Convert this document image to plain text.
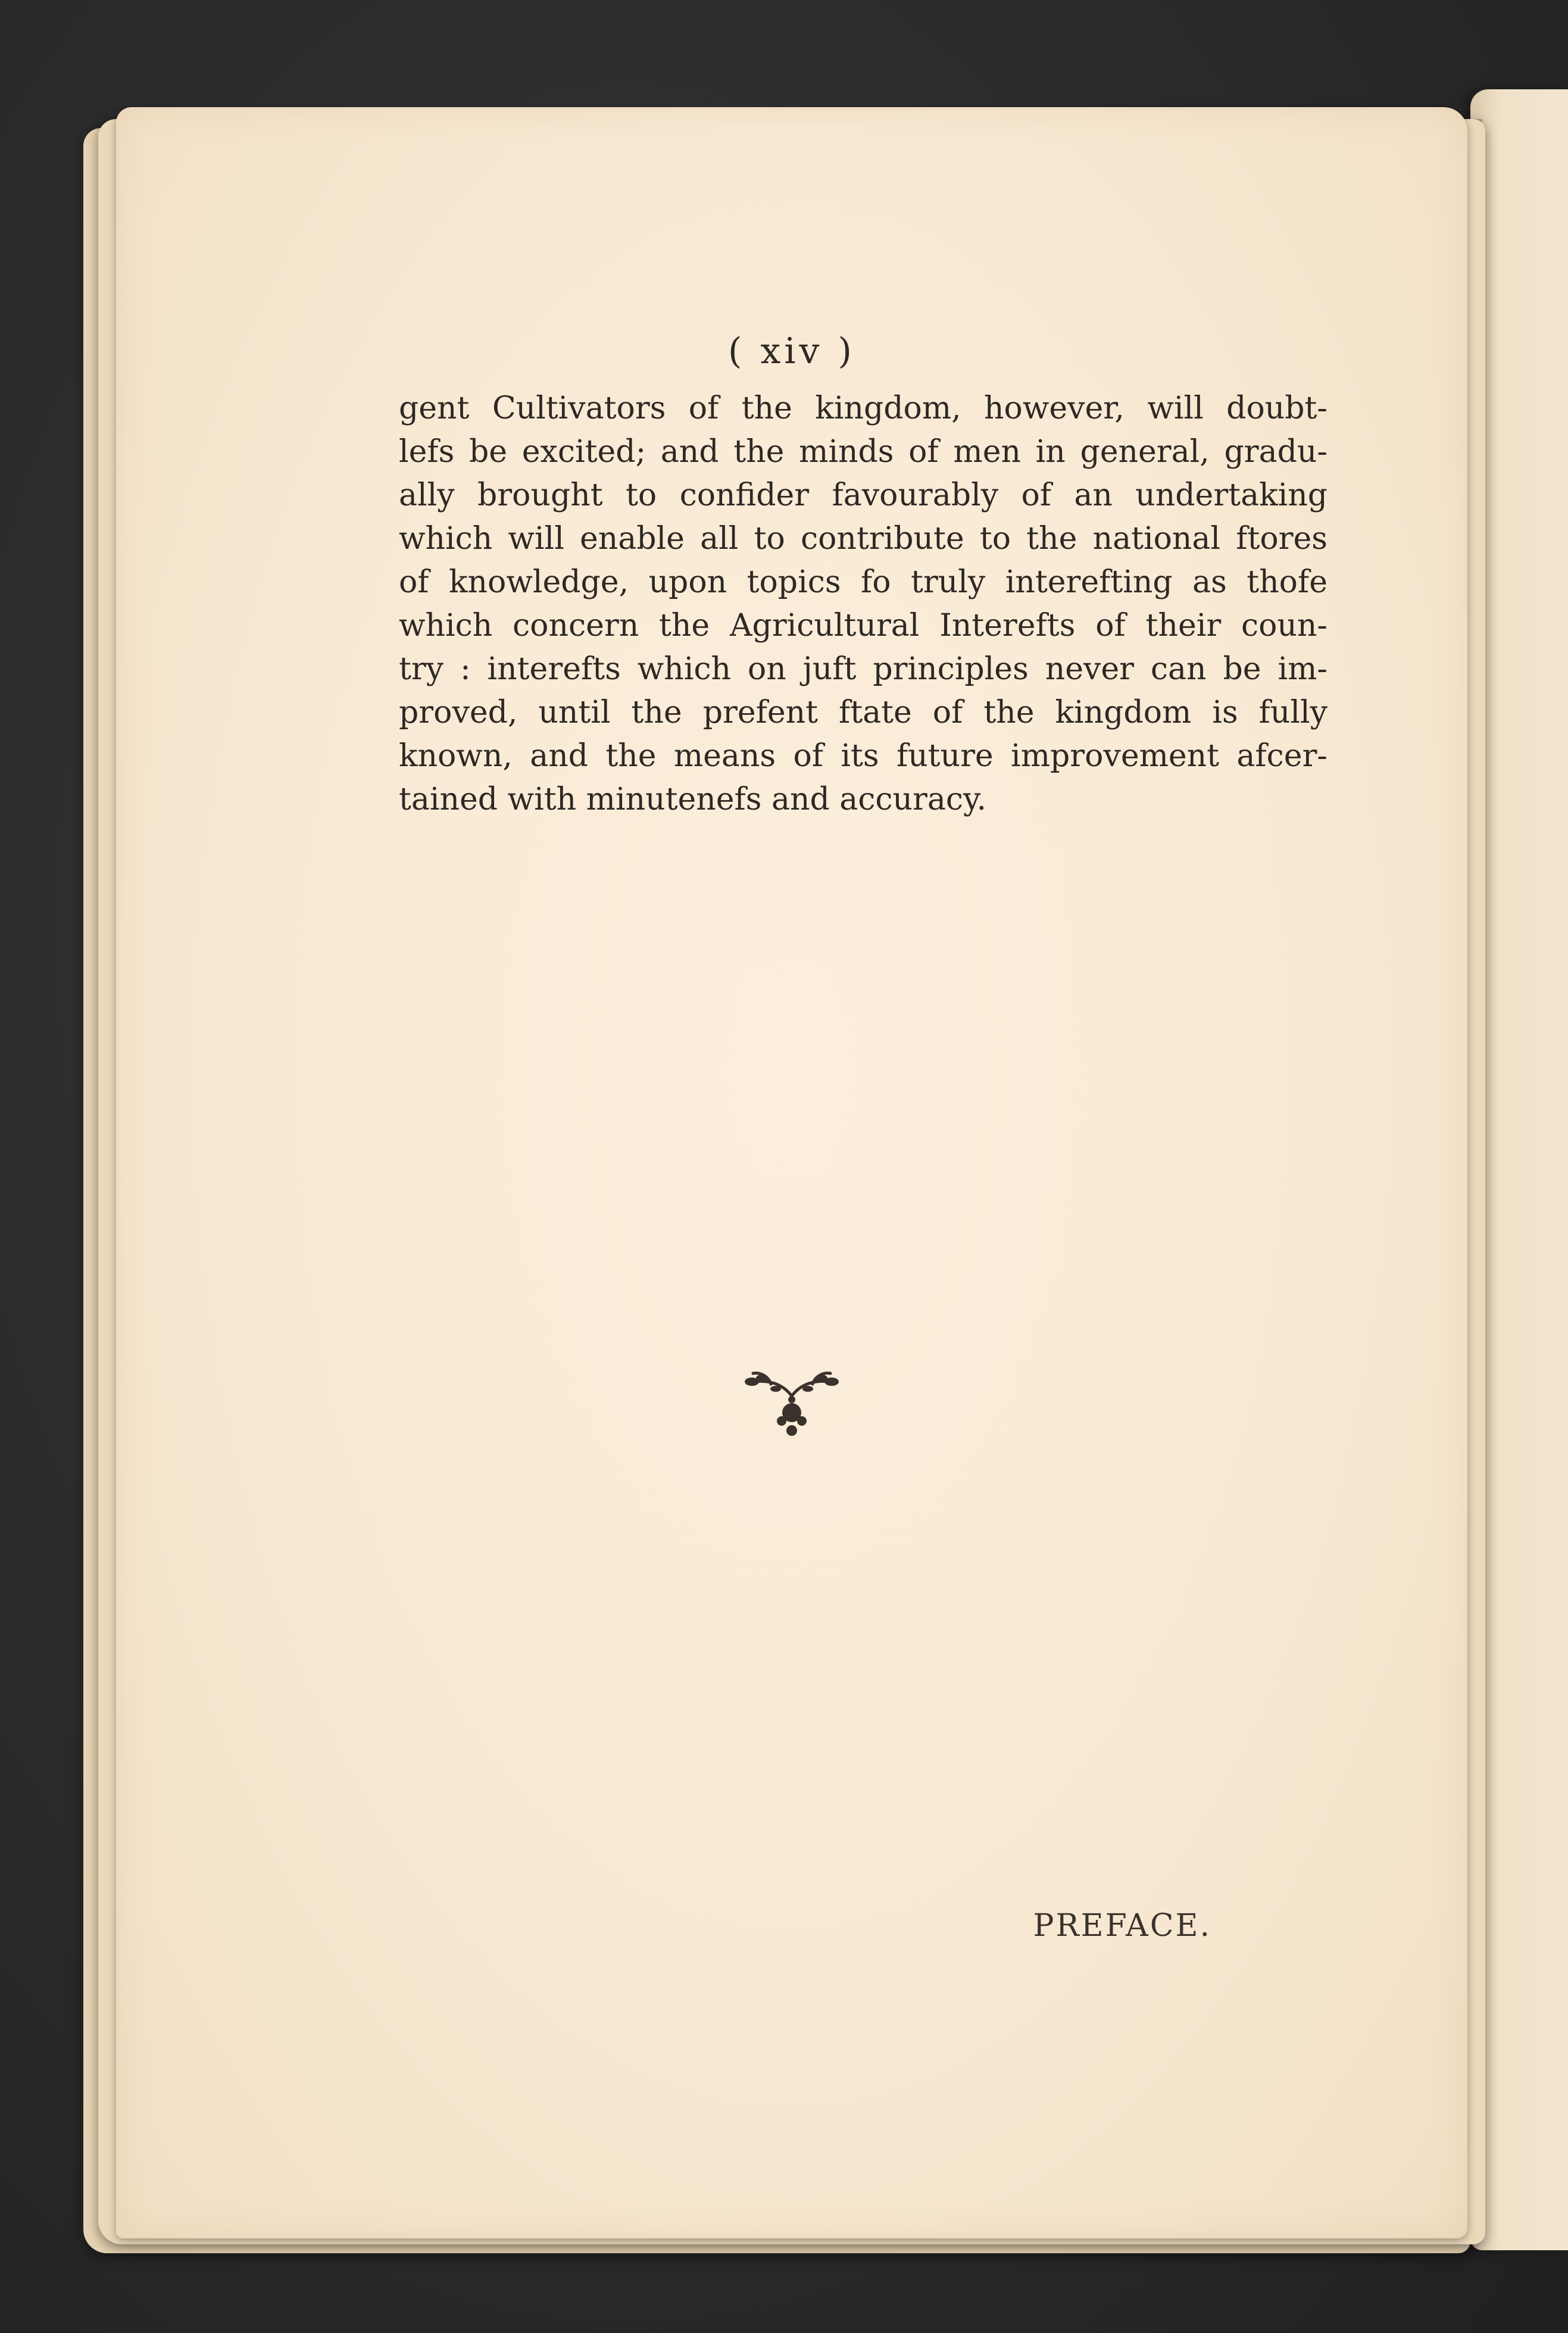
( xiv )

gent Cultivators of the kingdom, however, will doubt-
lefs be excited; and the minds of men in general, gradu-
ally brought to confider favourably of an undertaking
which will enable all to contribute to the national ftores
of knowledge, upon topics fo truly interefting as thofe
which concern the Agricultural Interefts of their coun-
try : interefts which on juft principles never can be im-
proved, until the prefent ftate of the kingdom is fully
known, and the means of its future improvement afcer-
tained with minutenefs and accuracy.

PREFACE.
